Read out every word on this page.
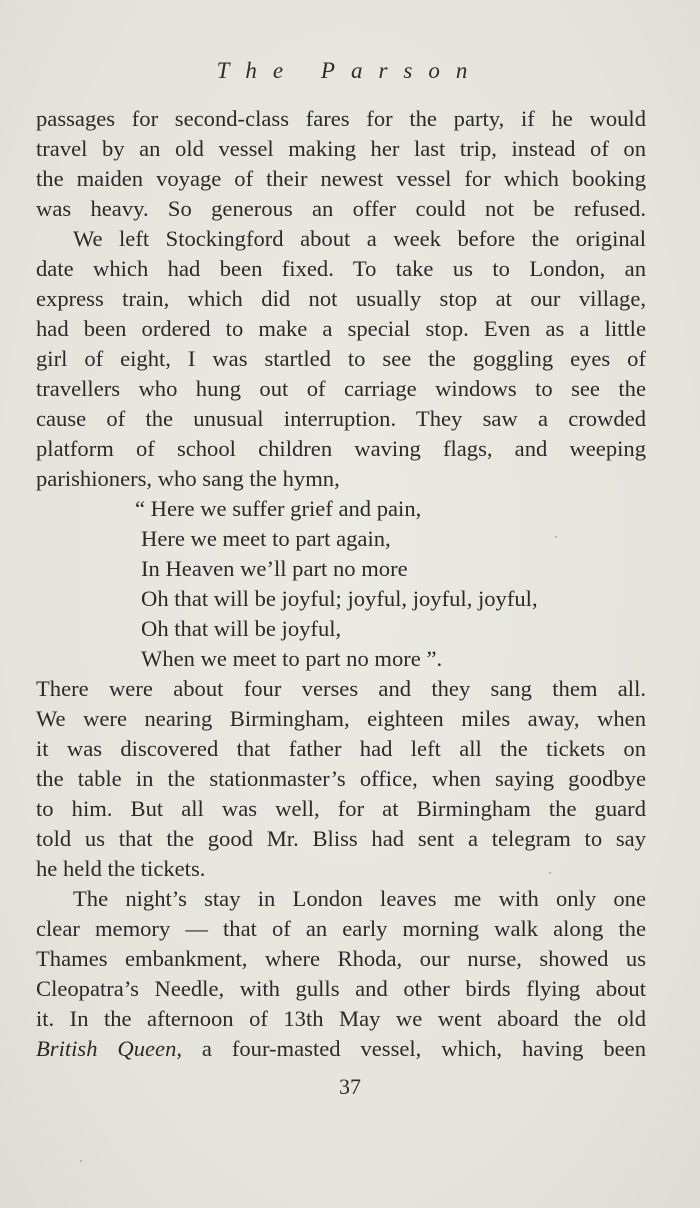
The Parson
passages for second-class fares for the party, if he would
travel by an old vessel making her last trip, instead of on
the maiden voyage of their newest vessel for which booking
was heavy. So generous an offer could not be refused.
We left Stockingford about a week before the original
date which had been fixed. To take us to London, an
express train, which did not usually stop at our village,
had been ordered to make a special stop. Even as a little
girl of eight, I was startled to see the goggling eyes of
travellers who hung out of carriage windows to see the
cause of the unusual interruption. They saw a crowded
platform of school children waving flags, and weeping
parishioners, who sang the hymn,
“ Here we suffer grief and pain,
Here we meet to part again,
In Heaven we’ll part no more
Oh that will be joyful; joyful, joyful, joyful,
Oh that will be joyful,
When we meet to part no more ”.
There were about four verses and they sang them all.
We were nearing Birmingham, eighteen miles away, when
it was discovered that father had left all the tickets on
the table in the stationmaster’s office, when saying goodbye
to him. But all was well, for at Birmingham the guard
told us that the good Mr. Bliss had sent a telegram to say
he held the tickets.
The night’s stay in London leaves me with only one
clear memory — that of an early morning walk along the
Thames embankment, where Rhoda, our nurse, showed us
Cleopatra’s Needle, with gulls and other birds flying about
it. In the afternoon of 13th May we went aboard the old
British Queen, a four-masted vessel, which, having been
37
